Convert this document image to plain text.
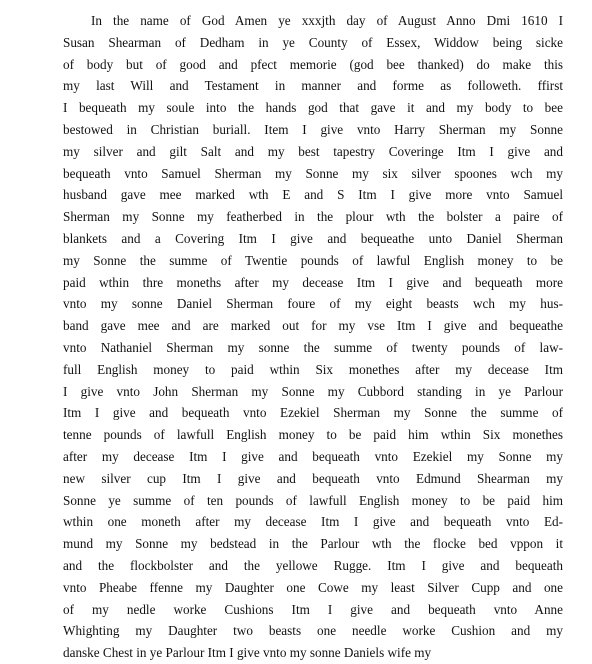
In the name of God Amen ye xxxjth day of August Anno Dmi 1610 I
Susan Shearman of Dedham in ye County of Essex, Widdow being sicke
of body but of good and pfect memorie (god bee thanked) do make this
my last Will and Testament in manner and forme as followeth. ffirst
I bequeath my soule into the hands god that gave it and my body to bee
bestowed in Christian buriall. Item I give vnto Harry Sherman my Sonne
my silver and gilt Salt and my best tapestry Coveringe Itm I give and
bequeath vnto Samuel Sherman my Sonne my six silver spoones wch my
husband gave mee marked wth E and S Itm I give more vnto Samuel
Sherman my Sonne my featherbed in the plour wth the bolster a paire of
blankets and a Covering Itm I give and bequeathe unto Daniel Sherman
my Sonne the summe of Twentie pounds of lawful English money to be
paid wthin thre moneths after my decease Itm I give and bequeath more
vnto my sonne Daniel Sherman foure of my eight beasts wch my hus-
band gave mee and are marked out for my vse Itm I give and bequeathe
vnto Nathaniel Sherman my sonne the summe of twenty pounds of law-
full English money to paid wthin Six monethes after my decease Itm
I give vnto John Sherman my Sonne my Cubbord standing in ye Parlour
Itm I give and bequeath vnto Ezekiel Sherman my Sonne the summe of
tenne pounds of lawfull English money to be paid him wthin Six monethes
after my decease Itm I give and bequeath vnto Ezekiel my Sonne my
new silver cup Itm I give and bequeath vnto Edmund Shearman my
Sonne ye summe of ten pounds of lawfull English money to be paid him
wthin one moneth after my decease Itm I give and bequeath vnto Ed-
mund my Sonne my bedstead in the Parlour wth the flocke bed vppon it
and the flockbolster and the yellowe Rugge. Itm I give and bequeath
vnto Pheabe ffenne my Daughter one Cowe my least Silver Cupp and one
of my nedle worke Cushions Itm I give and bequeath vnto Anne
Whighting my Daughter two beasts one needle worke Cushion and my
danske Chest in ye Parlour Itm I give vnto my sonne Daniels wife my
